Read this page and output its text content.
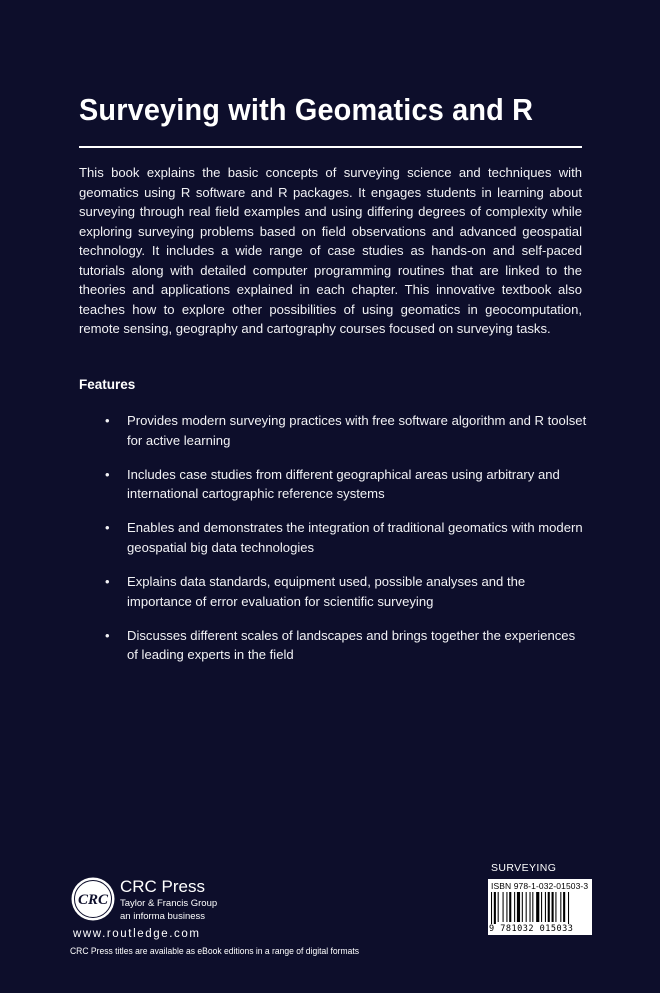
Surveying with Geomatics and R

This book explains the basic concepts of surveying science and techniques with geomatics using R software and R packages. It engages students in learning about surveying through real field examples and using differing degrees of complexity while exploring surveying problems based on field observations and advanced geospatial technology. It includes a wide range of case studies as hands-on and self-paced tutorials along with detailed computer programming routines that are linked to the theories and applications explained in each chapter. This innovative textbook also teaches how to explore other possibilities of using geomatics in geocomputation, remote sensing, geography and cartography courses focused on surveying tasks.

Features
• Provides modern surveying practices with free software algorithm and R toolset for active learning
• Includes case studies from different geographical areas using arbitrary and international cartographic reference systems
• Enables and demonstrates the integration of traditional geomatics with modern geospatial big data technologies
• Explains data standards, equipment used, possible analyses and the importance of error evaluation for scientific surveying
• Discusses different scales of landscapes and brings together the experiences of leading experts in the field
CRC
CRC Press
Taylor & Francis Group
an informa business
www.routledge.com
CRC Press titles are available as eBook editions in a range of digital formats
SURVEYING
ISBN 978-1-032-01503-3
9 781032 015033
